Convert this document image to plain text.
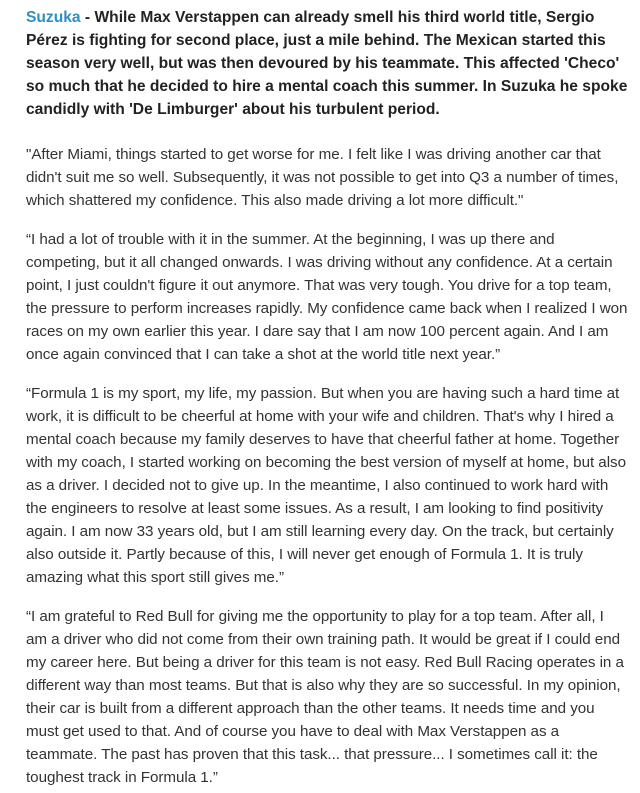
Suzuka - While Max Verstappen can already smell his third world title, Sergio Pérez is fighting for second place, just a mile behind. The Mexican started this season very well, but was then devoured by his teammate. This affected 'Checo' so much that he decided to hire a mental coach this summer. In Suzuka he spoke candidly with 'De Limburger' about his turbulent period.

"After Miami, things started to get worse for me. I felt like I was driving another car that didn't suit me so well. Subsequently, it was not possible to get into Q3 a number of times, which shattered my confidence. This also made driving a lot more difficult."

“I had a lot of trouble with it in the summer. At the beginning, I was up there and competing, but it all changed onwards. I was driving without any confidence. At a certain point, I just couldn't figure it out anymore. That was very tough. You drive for a top team, the pressure to perform increases rapidly. My confidence came back when I realized I won races on my own earlier this year. I dare say that I am now 100 percent again. And I am once again convinced that I can take a shot at the world title next year.”

“Formula 1 is my sport, my life, my passion. But when you are having such a hard time at work, it is difficult to be cheerful at home with your wife and children. That's why I hired a mental coach because my family deserves to have that cheerful father at home. Together with my coach, I started working on becoming the best version of myself at home, but also as a driver. I decided not to give up. In the meantime, I also continued to work hard with the engineers to resolve at least some issues. As a result, I am looking to find positivity again. I am now 33 years old, but I am still learning every day. On the track, but certainly also outside it. Partly because of this, I will never get enough of Formula 1. It is truly amazing what this sport still gives me.”

“I am grateful to Red Bull for giving me the opportunity to play for a top team. After all, I am a driver who did not come from their own training path. It would be great if I could end my career here. But being a driver for this team is not easy. Red Bull Racing operates in a different way than most teams. But that is also why they are so successful. In my opinion, their car is built from a different approach than the other teams. It needs time and you must get used to that. And of course you have to deal with Max Verstappen as a teammate. The past has proven that this task... that pressure... I sometimes call it: the toughest track in Formula 1.”
